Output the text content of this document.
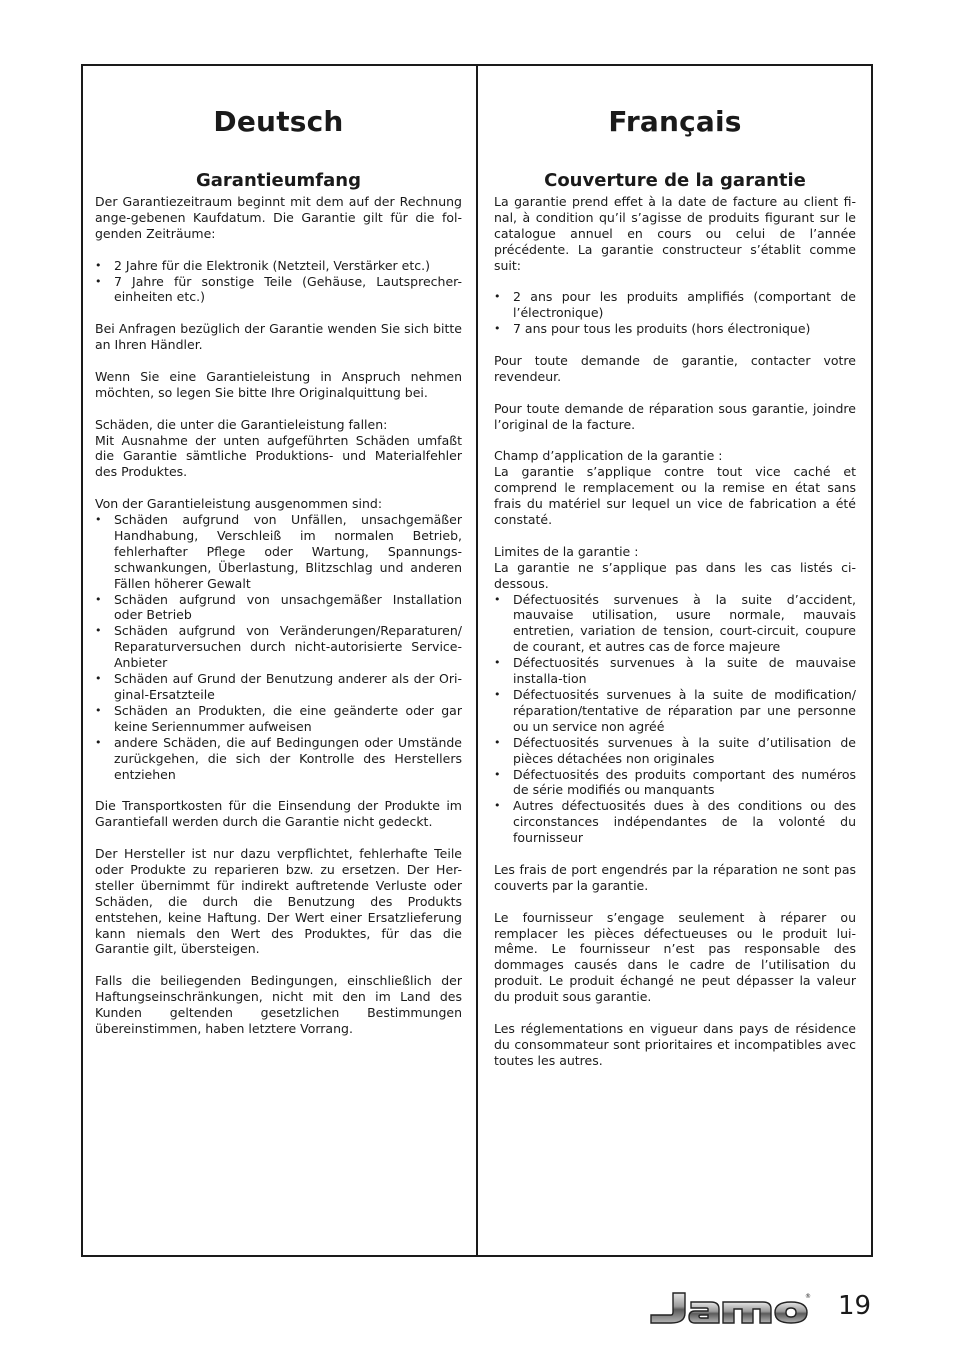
Deutsch
Garantieumfang

Der Garantiezeitraum beginnt mit dem auf der Rechnung ange-gebenen Kaufdatum. Die Garantie gilt für die fol-genden Zeiträume:

• 2 Jahre für die Elektronik (Netzteil, Verstärker etc.)
• 7 Jahre für sonstige Teile (Gehäuse, Lautsprecher-einheiten etc.)

Bei Anfragen bezüglich der Garantie wenden Sie sich bitte an Ihren Händler.

Wenn Sie eine Garantieleistung in Anspruch nehmen möchten, so legen Sie bitte Ihre Originalquittung bei.

Schäden, die unter die Garantieleistung fallen:

Mit Ausnahme der unten aufgeführten Schäden umfaßt die Garantie sämtliche Produktions- und Materialfehler des Produktes.

Von der Garantieleistung ausgenommen sind:

• Schäden aufgrund von Unfällen, unsachgemäßer Handhabung, Verschleiß im normalen Betrieb, fehlerhafter Pflege oder Wartung, Spannungs-schwankungen, Überlastung, Blitzschlag und anderen Fällen höherer Gewalt
• Schäden aufgrund von unsachgemäßer Installation oder Betrieb
• Schäden aufgrund von Veränderungen/Reparaturen/ Reparaturversuchen durch nicht-autorisierte Service-Anbieter
• Schäden auf Grund der Benutzung anderer als der Ori-ginal-Ersatzteile
• Schäden an Produkten, die eine geänderte oder gar keine Seriennummer aufweisen
• andere Schäden, die auf Bedingungen oder Umstände zurückgehen, die sich der Kontrolle des Herstellers entziehen

Die Transportkosten für die Einsendung der Produkte im Garantiefall werden durch die Garantie nicht gedeckt.

Der Hersteller ist nur dazu verpflichtet, fehlerhafte Teile oder Produkte zu reparieren bzw. zu ersetzen. Der Her-steller übernimmt für indirekt auftretende Verluste oder Schäden, die durch die Benutzung des Produkts entstehen, keine Haftung. Der Wert einer Ersatzlieferung kann niemals den Wert des Produktes, für das die Garantie gilt, übersteigen.

Falls die beiliegenden Bedingungen, einschließlich der Haftungseinschränkungen, nicht mit den im Land des Kunden geltenden gesetzlichen Bestimmungen übereinstimmen, haben letztere Vorrang.

Français
Couverture de la garantie

La garantie prend effet à la date de facture au client fi-nal, à condition qu’il s’agisse de produits figurant sur le catalogue annuel en cours ou celui de l’année précédente. La garantie constructeur s’établit comme suit:

• 2 ans pour les produits amplifiés (comportant de l’électronique)
• 7 ans pour tous les produits (hors électronique)

Pour toute demande de garantie, contacter votre revendeur.

Pour toute demande de réparation sous garantie, joindre l’original de la facture.

Champ d’application de la garantie :

La garantie s’applique contre tout vice caché et comprend le remplacement ou la remise en état sans frais du matériel sur lequel un vice de fabrication a été constaté.

Limites de la garantie :

La garantie ne s’applique pas dans les cas listés ci-dessous.

• Défectuosités survenues à la suite d’accident, mauvaise utilisation, usure normale, mauvais entretien, variation de tension, court-circuit, coupure de courant, et autres cas de force majeure
• Défectuosités survenues à la suite de mauvaise installa-tion
• Défectuosités survenues à la suite de modification/ réparation/tentative de réparation par une personne ou un service non agréé
• Défectuosités survenues à la suite d’utilisation de pièces détachées non originales
• Défectuosités des produits comportant des numéros de série modifiés ou manquants
• Autres défectuosités dues à des conditions ou des circonstances indépendantes de la volonté du fournisseur

Les frais de port engendrés par la réparation ne sont pas couverts par la garantie.

Le fournisseur s’engage seulement à réparer ou remplacer les pièces défectueuses ou le produit lui-même. Le fournisseur n’est pas responsable des dommages causés dans le cadre de l’utilisation du produit. Le produit échangé ne peut dépasser la valeur du produit sous garantie.

Les réglementations en vigueur dans pays de résidence du consommateur sont prioritaires et incompatibles avec toutes les autres.

® 19
